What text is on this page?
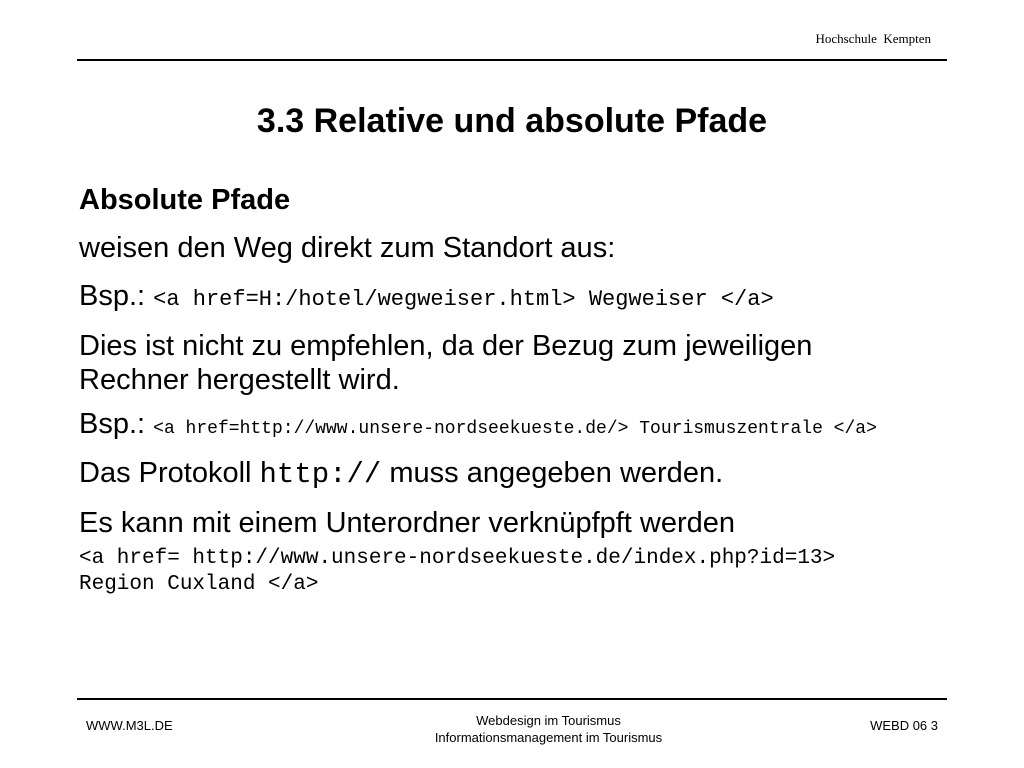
Hochschule  Kempten
3.3 Relative und absolute Pfade

Absolute Pfade

weisen den Weg direkt zum Standort aus:

Bsp.: <a href=H:/hotel/wegweiser.html> Wegweiser </a>

Dies ist nicht zu empfehlen, da der Bezug zum jeweiligen

Rechner hergestellt wird.

Bsp.: <a href=http://www.unsere-nordseekueste.de/> Tourismuszentrale </a>

Das Protokoll http:// muss angegeben werden.

Es kann mit einem Unterordner verknüpfpft werden

<a href= http://www.unsere-nordseekueste.de/index.php?id=13>

Region Cuxland </a>

WWW.M3L.DE	Webdesign im Tourismus
Informationsmanagement im Tourismus
WEBD 06 3
